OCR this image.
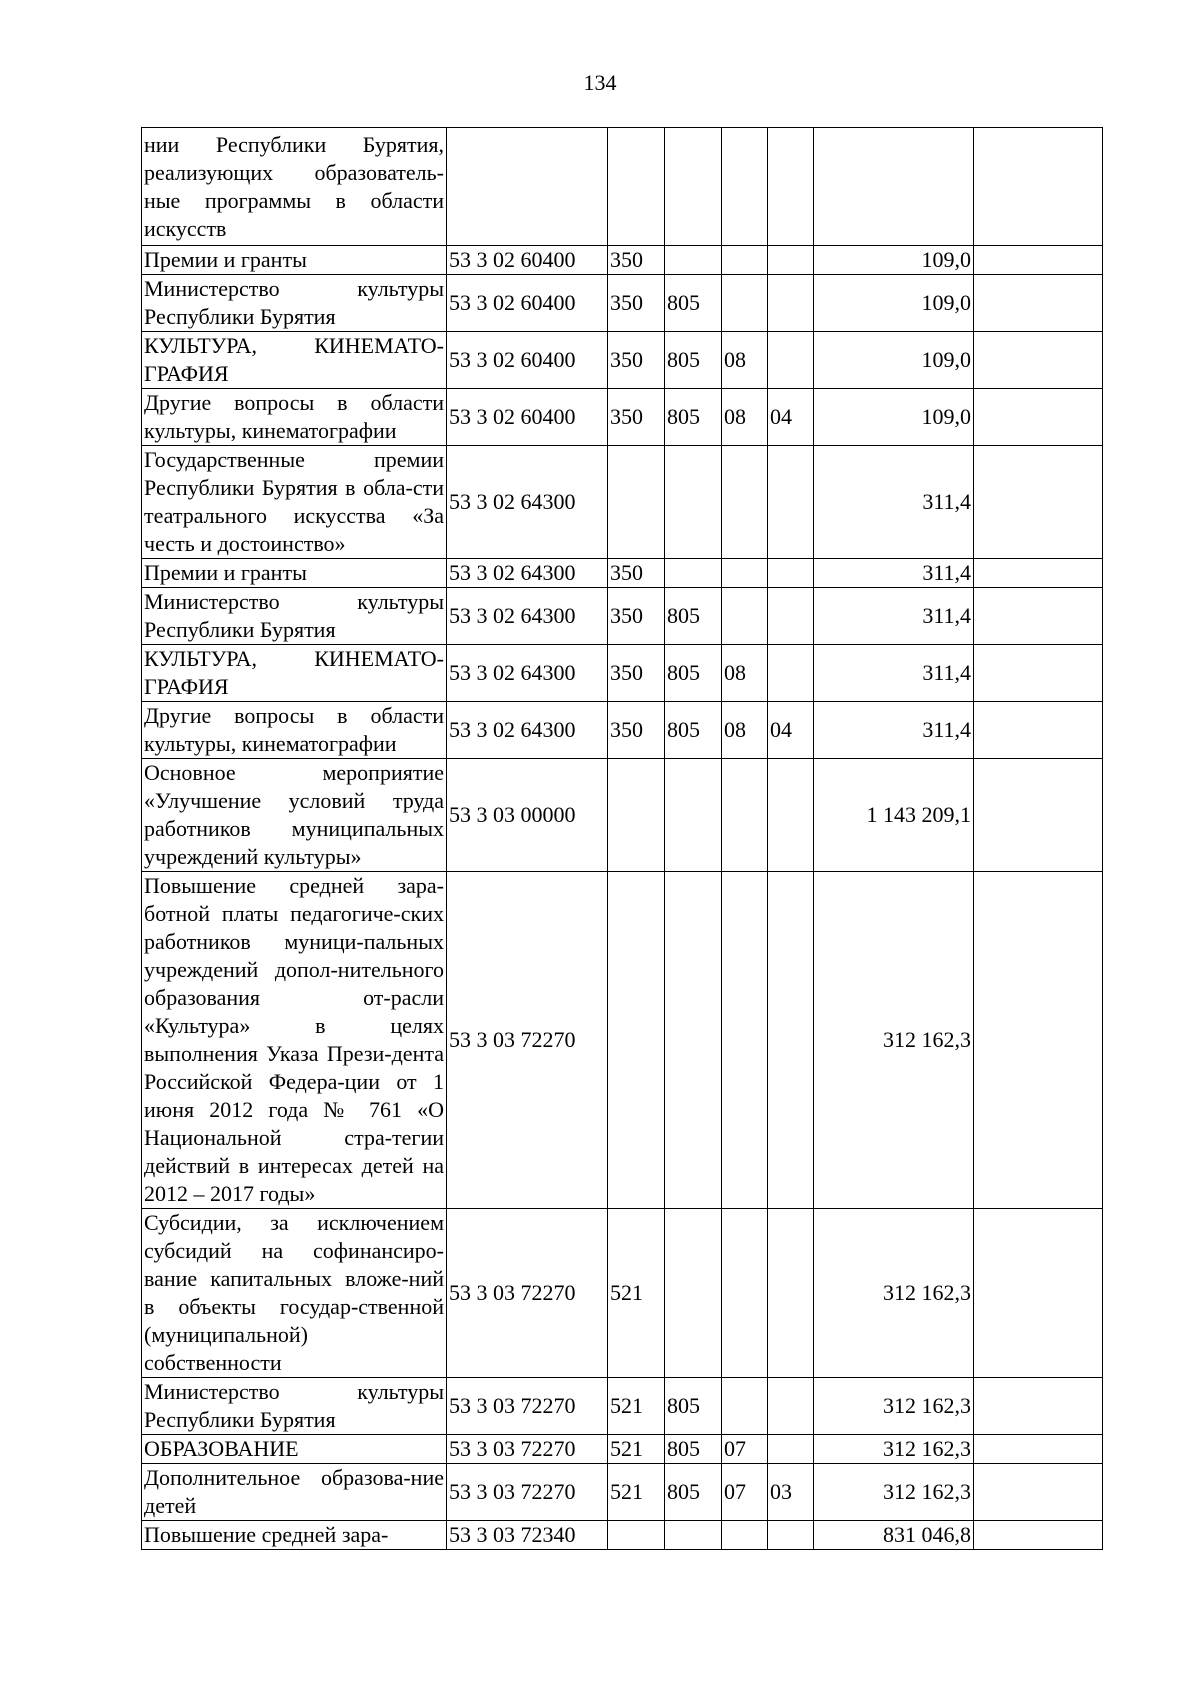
134
нии Республики Бурятия, реализующих образователь-ные программы в области искусств							
Премии и гранты	53 3 02 60400	350				109,0	
Министерство культуры Республики Бурятия	53 3 02 60400	350	805			109,0	
КУЛЬТУРА, КИНЕМАТО-ГРАФИЯ	53 3 02 60400	350	805	08		109,0	
Другие вопросы в области культуры, кинематографии	53 3 02 60400	350	805	08	04	109,0	
Государственные премии Республики Бурятия в обла-сти театрального искусства «За честь и достоинство»	53 3 02 64300					311,4	
Премии и гранты	53 3 02 64300	350				311,4	
Министерство культуры Республики Бурятия	53 3 02 64300	350	805			311,4	
КУЛЬТУРА, КИНЕМАТО-ГРАФИЯ	53 3 02 64300	350	805	08		311,4	
Другие вопросы в области культуры, кинематографии	53 3 02 64300	350	805	08	04	311,4	
Основное мероприятие «Улучшение условий труда работников муниципальных учреждений культуры»	53 3 03 00000					1 143 209,1	
Повышение средней зара-ботной платы педагогиче-ских работников муници-пальных учреждений допол-нительного образования от-расли «Культура» в целях выполнения Указа Прези-дента Российской Федера-ции от 1 июня 2012 года № 761 «О Национальной стра-тегии действий в интересах детей на 2012 – 2017 годы»	53 3 03 72270					312 162,3	
Субсидии, за исключением субсидий на софинансиро-вание капитальных вложе-ний в объекты государ-ственной (муниципальной) собственности	53 3 03 72270	521				312 162,3	
Министерство культуры Республики Бурятия	53 3 03 72270	521	805			312 162,3	
ОБРАЗОВАНИЕ	53 3 03 72270	521	805	07		312 162,3	
Дополнительное образова-ние детей	53 3 03 72270	521	805	07	03	312 162,3	
Повышение средней зара-	53 3 03 72340					831 046,8	
